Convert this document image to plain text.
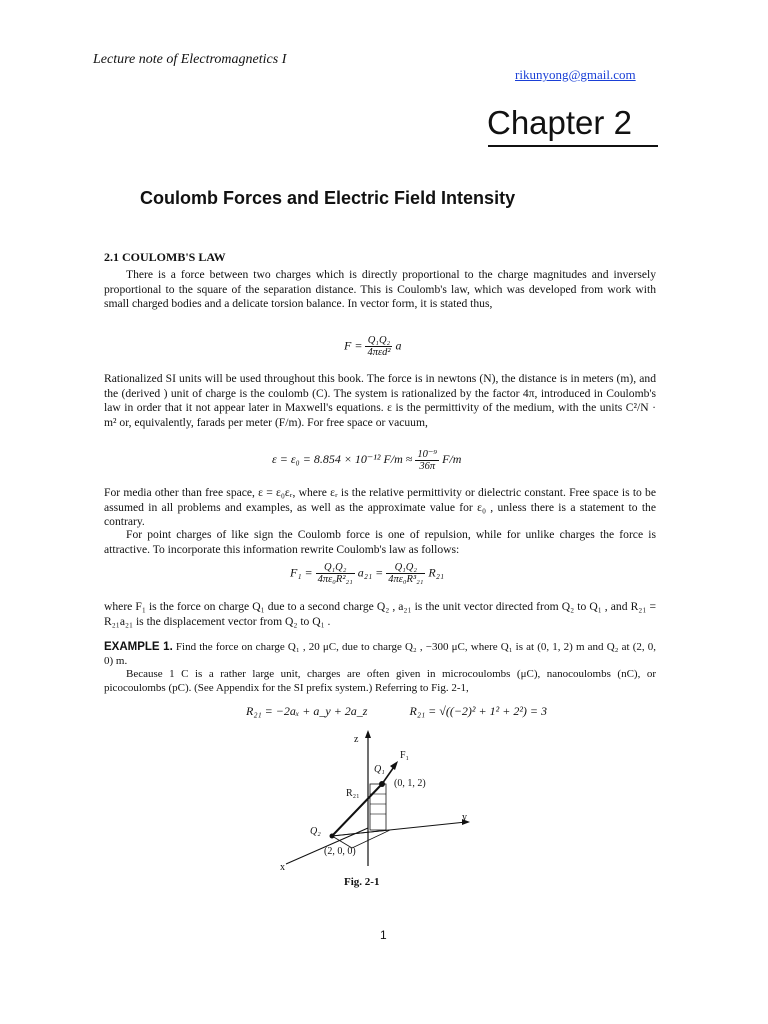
Lecture note of Electromagnetics I
rikunyong@gmail.com
Chapter 2
Coulomb Forces and Electric Field Intensity
2.1 COULOMB'S LAW
There is a force between two charges which is directly proportional to the charge magnitudes and inversely proportional to the square of the separation distance. This is Coulomb's law, which was developed from work with small charged bodies and a delicate torsion balance. In vector form, it is stated thus,
$F = \frac{\text{Q₁Q₂}}{\text{4πεd²}}$ a
Rationalized SI units will be used throughout this book. The force is in newtons (N), the distance is in meters (m), and the (derived ) unit of charge is the coulomb (C). The system is rationalized by the factor 4π, introduced in Coulomb's law in order that it not appear later in Maxwell's equations. ε is the permittivity of the medium, with the units C²/N · m² or, equivalently, farads per meter (F/m). For free space or vacuum,
ε = ε₀ = 8.854 × 10⁻¹² $F/m \approx \frac{\text{10⁻⁹}}{36\pi} F/m$
For media other than free space, ε = ε₀εᵣ, where εᵣ is the relative permittivity or dielectric constant. Free space is to be assumed in all problems and examples, as well as the approximate value for ε₀ , unless there is a statement to the contrary.
For point charges of like sign the Coulomb force is one of repulsion, while for unlike charges the force is attractive. To incorporate this information rewrite Coulomb's law as follows:
$F_1 = \frac{\text{Q₁Q₂}}{\text{4πε₀R²₂₁}} a_{21} = \frac{\text{Q₁Q₂}}{\text{4πε₀R³₂₁}} R_{21}$
where F₁ is the force on charge Q₁ due to a second charge Q₂ , a₂₁ is the unit vector directed from Q₂ to Q₁ , and R₂₁ = R₂₁a₂₁ is the displacement vector from Q₂ to Q₁ .
EXAMPLE 1. Find the force on charge Q₁ , 20 μC, due to charge Q₂ , −300 μC, where Q₁ is at (0, 1, 2) m and Q₂ at (2, 0, 0) m.
Because 1 C is a rather large unit, charges are often given in microcoulombs (μC), nanocoulombs (nC), or picocoulombs (pC). (See Appendix for the SI prefix system.) Referring to Fig. 2-1,
R₂₁ = −2aₓ + a_y + 2a_z	R₂₁ = √((−2)² + 1² + 2²) = 3
z
y
x
F₁
Q₁
Q₂
R₂₁
(0, 1, 2)
(2, 0, 0)
Fig. 2-1
1
